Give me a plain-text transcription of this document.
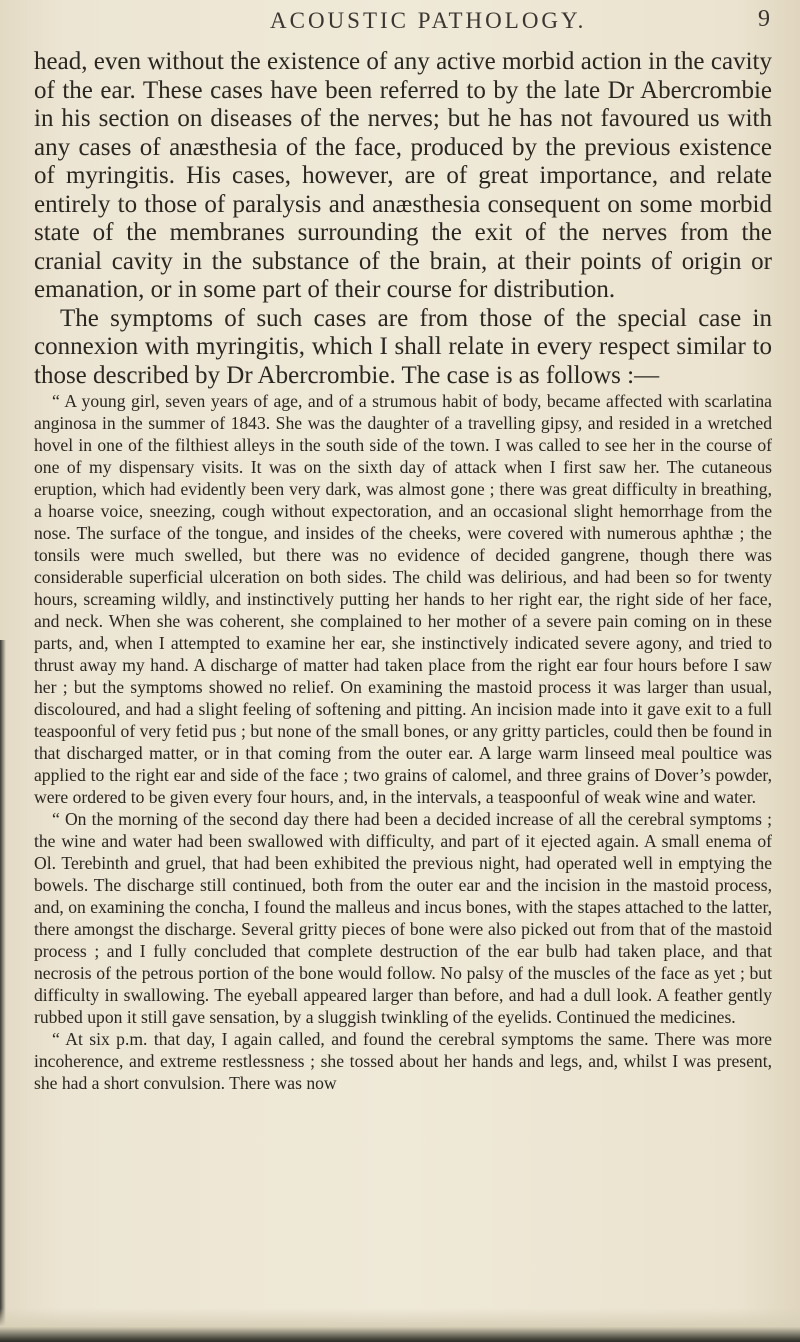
ACOUSTIC PATHOLOGY.	9

head, even without the existence of any active morbid action in the cavity of the ear. These cases have been referred to by the late Dr Abercrombie in his section on diseases of the nerves; but he has not favoured us with any cases of anæsthesia of the face, produced by the previous existence of myringitis. His cases, however, are of great importance, and relate entirely to those of paralysis and anæsthesia consequent on some morbid state of the membranes surrounding the exit of the nerves from the cranial cavity in the substance of the brain, at their points of origin or emanation, or in some part of their course for distribution.

The symptoms of such cases are from those of the special case in connexion with myringitis, which I shall relate in every respect similar to those described by Dr Abercrombie. The case is as follows :—

“ A young girl, seven years of age, and of a strumous habit of body, became affected with scarlatina anginosa in the summer of 1843. She was the daughter of a travelling gipsy, and resided in a wretched hovel in one of the filthiest alleys in the south side of the town. I was called to see her in the course of one of my dispensary visits. It was on the sixth day of attack when I first saw her. The cutaneous eruption, which had evidently been very dark, was almost gone ; there was great difficulty in breathing, a hoarse voice, sneezing, cough without expectoration, and an occasional slight hemorrhage from the nose. The surface of the tongue, and insides of the cheeks, were covered with numerous aphthæ ; the tonsils were much swelled, but there was no evidence of decided gangrene, though there was considerable superficial ulceration on both sides. The child was delirious, and had been so for twenty hours, screaming wildly, and instinctively putting her hands to her right ear, the right side of her face, and neck. When she was coherent, she complained to her mother of a severe pain coming on in these parts, and, when I attempted to examine her ear, she instinctively indicated severe agony, and tried to thrust away my hand. A discharge of matter had taken place from the right ear four hours before I saw her ; but the symptoms showed no relief. On examining the mastoid process it was larger than usual, discoloured, and had a slight feeling of softening and pitting. An incision made into it gave exit to a full teaspoonful of very fetid pus ; but none of the small bones, or any gritty particles, could then be found in that discharged matter, or in that coming from the outer ear. A large warm linseed meal poultice was applied to the right ear and side of the face ; two grains of calomel, and three grains of Dover’s powder, were ordered to be given every four hours, and, in the intervals, a teaspoonful of weak wine and water.

“ On the morning of the second day there had been a decided increase of all the cerebral symptoms ; the wine and water had been swallowed with difficulty, and part of it ejected again. A small enema of Ol. Terebinth and gruel, that had been exhibited the previous night, had operated well in emptying the bowels. The discharge still continued, both from the outer ear and the incision in the mastoid process, and, on examining the concha, I found the malleus and incus bones, with the stapes attached to the latter, there amongst the discharge. Several gritty pieces of bone were also picked out from that of the mastoid process ; and I fully concluded that complete destruction of the ear bulb had taken place, and that necrosis of the petrous portion of the bone would follow. No palsy of the muscles of the face as yet ; but difficulty in swallowing. The eyeball appeared larger than before, and had a dull look. A feather gently rubbed upon it still gave sensation, by a sluggish twinkling of the eyelids. Continued the medicines.

“ At six p.m. that day, I again called, and found the cerebral symptoms the same. There was more incoherence, and extreme restlessness ; she tossed about her hands and legs, and, whilst I was present, she had a short convulsion. There was now
